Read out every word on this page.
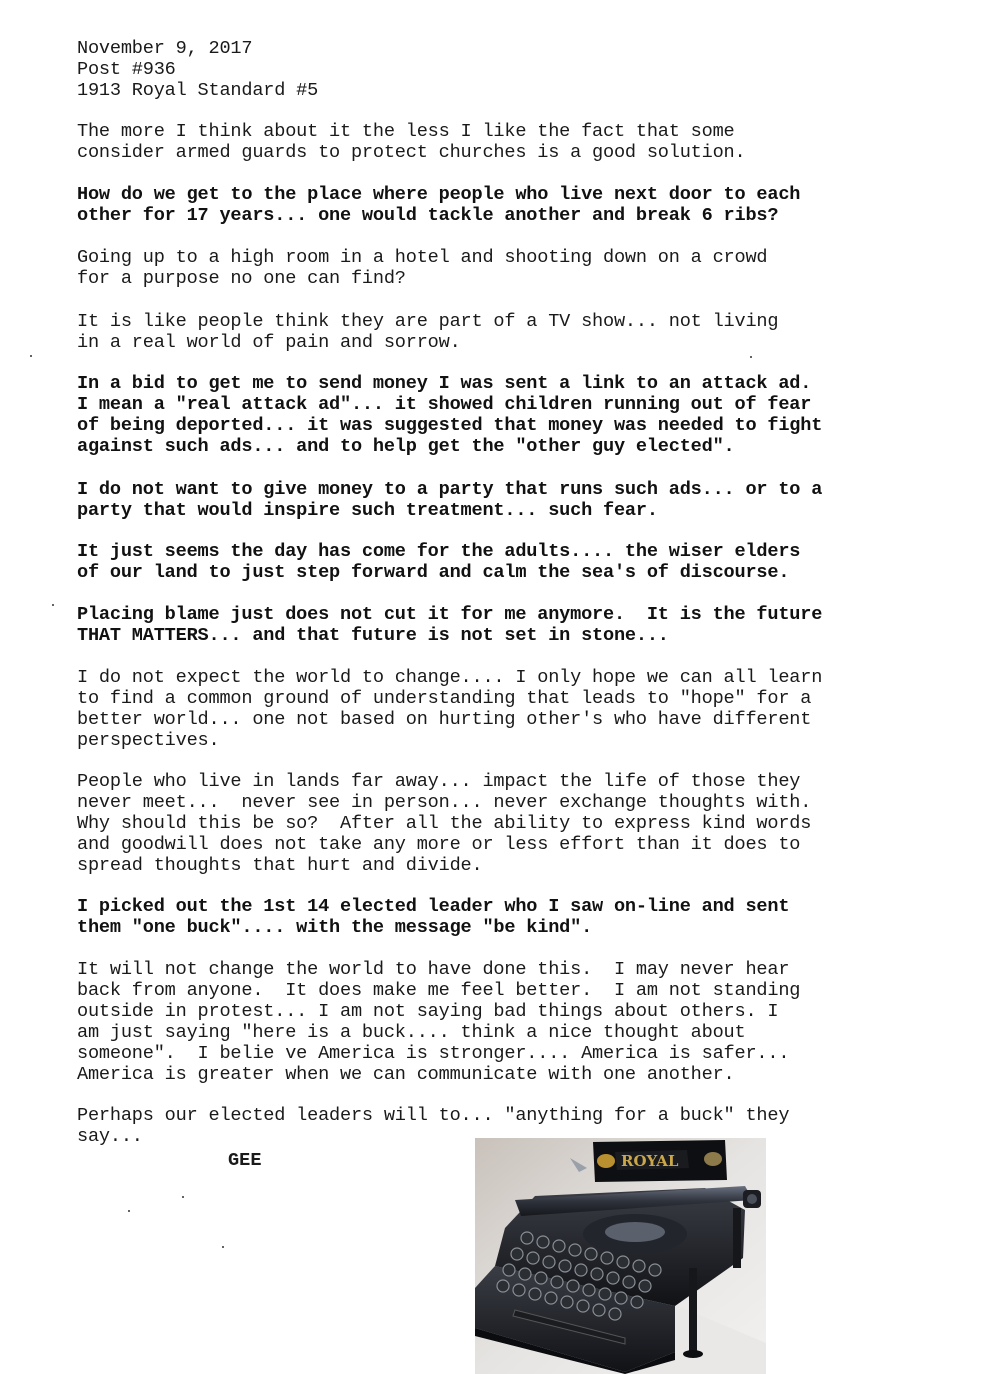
November 9, 2017
Post #936
1913 Royal Standard #5
The more I think about it the less I like the fact that some
consider armed guards to protect churches is a good solution.
How do we get to the place where people who live next door to each
other for 17 years... one would tackle another and break 6 ribs?
Going up to a high room in a hotel and shooting down on a crowd
for a purpose no one can find?
It is like people think they are part of a TV show... not living
in a real world of pain and sorrow.
In a bid to get me to send money I was sent a link to an attack ad.
I mean a "real attack ad"... it showed children running out of fear
of being deported... it was suggested that money was needed to fight
against such ads... and to help get the "other guy elected".
I do not want to give money to a party that runs such ads... or to a
party that would inspire such treatment... such fear.
It just seems the day has come for the adults.... the wiser elders
of our land to just step forward and calm the sea's of discourse.
Placing blame just does not cut it for me anymore.  It is the future
THAT MATTERS... and that future is not set in stone...
I do not expect the world to change.... I only hope we can all learn
to find a common ground of understanding that leads to "hope" for a
better world... one not based on hurting other's who have different
perspectives.
People who live in lands far away... impact the life of those they
never meet...  never see in person... never exchange thoughts with.
Why should this be so?  After all the ability to express kind words
and goodwill does not take any more or less effort than it does to
spread thoughts that hurt and divide.
I picked out the 1st 14 elected leader who I saw on-line and sent
them "one buck".... with the message "be kind".
It will not change the world to have done this.  I may never hear
back from anyone.  It does make me feel better.  I am not standing
outside in protest... I am not saying bad things about others. I
am just saying "here is a buck.... think a nice thought about
someone".  I belie ve America is stronger.... America is safer...
America is greater when we can communicate with one another.
Perhaps our elected leaders will to... "anything for a buck" they
say...
GEE	ROYAL
